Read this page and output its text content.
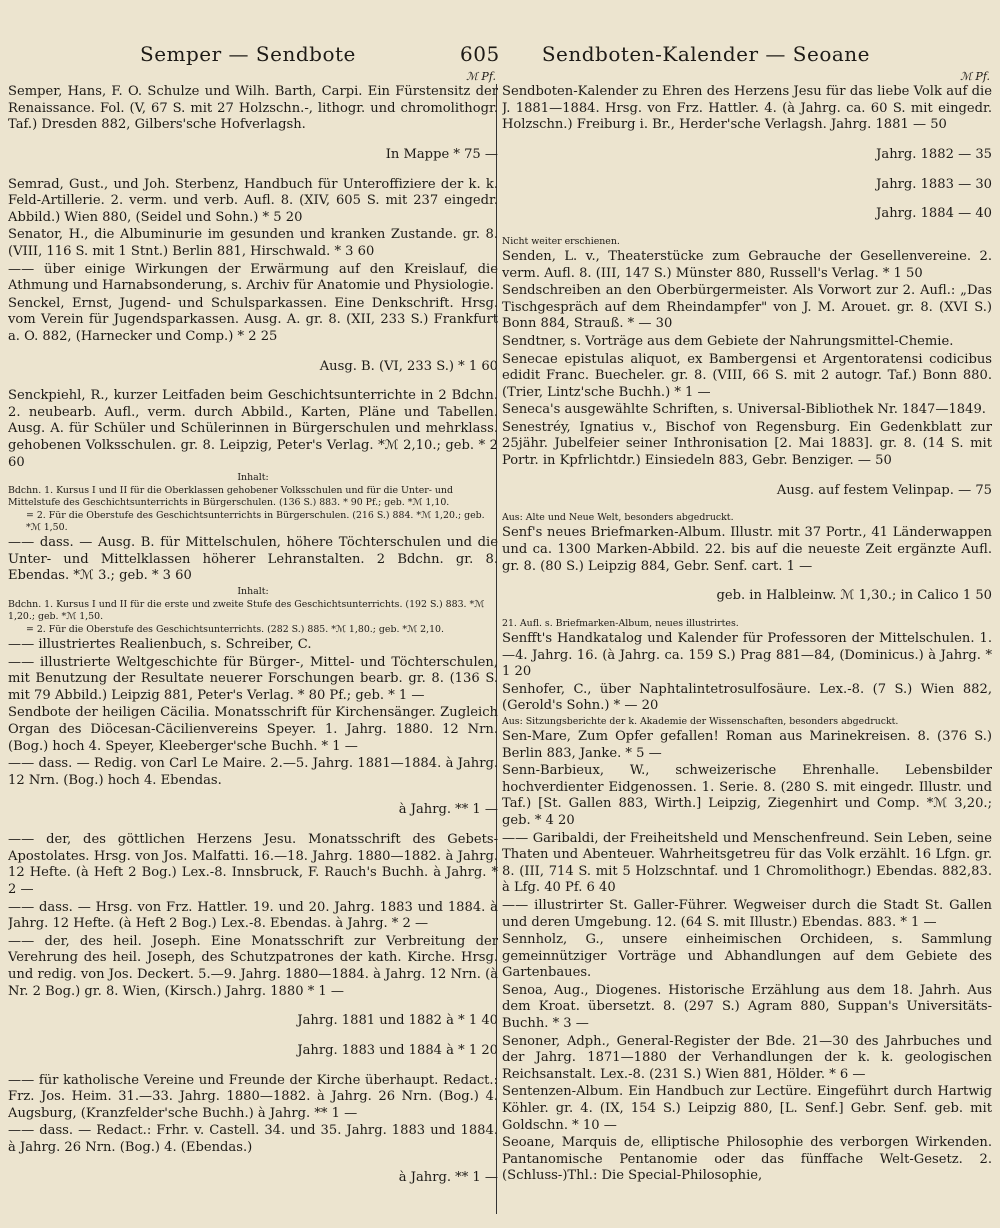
Semper — Sendbote	605 Sendboten-Kalender — Seoane
ℳ Pf.

Semper, Hans, F. O. Schulze und Wilh. Barth, Carpi. Ein Fürstensitz der Renaissance. Fol. (V, 67 S. mit 27 Holzschn.-, lithogr. und chromolithogr. Taf.) Dresden 882, Gilbers'sche Hofverlagsh.

In Mappe * 75 —

Semrad, Gust., und Joh. Sterbenz, Handbuch für Unteroffiziere der k. k. Feld-Artillerie. 2. verm. und verb. Aufl. 8. (XIV, 605 S. mit 237 eingedr. Abbild.) Wien 880, (Seidel und Sohn.) * 5 20

Senator, H., die Albuminurie im gesunden und kranken Zustande. gr. 8. (VIII, 116 S. mit 1 Stnt.) Berlin 881, Hirschwald. * 3 60

—— über einige Wirkungen der Erwärmung auf den Kreislauf, die Athmung und Harnabsonderung, s. Archiv für Anatomie und Physiologie.

Senckel, Ernst, Jugend- und Schulsparkassen. Eine Denkschrift. Hrsg. vom Verein für Jugendsparkassen. Ausg. A. gr. 8. (XII, 233 S.) Frankfurt a. O. 882, (Harnecker und Comp.) * 2 25

Ausg. B. (VI, 233 S.) * 1 60

Senckpiehl, R., kurzer Leitfaden beim Geschichtsunterrichte in 2 Bdchn. 2. neubearb. Aufl., verm. durch Abbild., Karten, Pläne und Tabellen. Ausg. A. für Schüler und Schülerinnen in Bürgerschulen und mehrklass. gehobenen Volksschulen. gr. 8. Leipzig, Peter's Verlag. *ℳ 2,10.; geb. * 2 60

Inhalt:

Bdchn. 1. Kursus I und II für die Oberklassen gehobener Volksschulen und für die Unter- und Mittelstufe des Geschichtsunterrichts in Bürgerschulen. (136 S.) 883. * 90 Pf.; geb. *ℳ 1,10.

= 2. Für die Oberstufe des Geschichtsunterrichts in Bürgerschulen. (216 S.) 884. *ℳ 1,20.; geb. *ℳ 1,50.

—— dass. — Ausg. B. für Mittelschulen, höhere Töchterschulen und die Unter- und Mittelklassen höherer Lehranstalten. 2 Bdchn. gr. 8. Ebendas. *ℳ 3.; geb. * 3 60

Inhalt:

Bdchn. 1. Kursus I und II für die erste und zweite Stufe des Geschichtsunterrichts. (192 S.) 883. *ℳ 1,20.; geb. *ℳ 1,50.

= 2. Für die Oberstufe des Geschichtsunterrichts. (282 S.) 885. *ℳ 1,80.; geb. *ℳ 2,10.

—— illustriertes Realienbuch, s. Schreiber, C.

—— illustrierte Weltgeschichte für Bürger-, Mittel- und Töchterschulen, mit Benutzung der Resultate neuerer Forschungen bearb. gr. 8. (136 S. mit 79 Abbild.) Leipzig 881, Peter's Verlag. * 80 Pf.; geb. * 1 —

Sendbote der heiligen Cäcilia. Monatsschrift für Kirchensänger. Zugleich Organ des Diöcesan-Cäcilienvereins Speyer. 1. Jahrg. 1880. 12 Nrn. (Bog.) hoch 4. Speyer, Kleeberger'sche Buchh. * 1 —

—— dass. — Redig. von Carl Le Maire. 2.—5. Jahrg. 1881—1884. à Jahrg. 12 Nrn. (Bog.) hoch 4. Ebendas.

à Jahrg. ** 1 —

—— der, des göttlichen Herzens Jesu. Monatsschrift des Gebets-Apostolates. Hrsg. von Jos. Malfatti. 16.—18. Jahrg. 1880—1882. à Jahrg. 12 Hefte. (à Heft 2 Bog.) Lex.-8. Innsbruck, F. Rauch's Buchh. à Jahrg. * 2 —

—— dass. — Hrsg. von Frz. Hattler. 19. und 20. Jahrg. 1883 und 1884. à Jahrg. 12 Hefte. (à Heft 2 Bog.) Lex.-8. Ebendas. à Jahrg. * 2 —

—— der, des heil. Joseph. Eine Monatsschrift zur Verbreitung der Verehrung des heil. Joseph, des Schutzpatrones der kath. Kirche. Hrsg. und redig. von Jos. Deckert. 5.—9. Jahrg. 1880—1884. à Jahrg. 12 Nrn. (à Nr. 2 Bog.) gr. 8. Wien, (Kirsch.) Jahrg. 1880 * 1 —

Jahrg. 1881 und 1882 à * 1 40

Jahrg. 1883 und 1884 à * 1 20

—— für katholische Vereine und Freunde der Kirche überhaupt. Redact.: Frz. Jos. Heim. 31.—33. Jahrg. 1880—1882. à Jahrg. 26 Nrn. (Bog.) 4. Augsburg, (Kranzfelder'sche Buchh.) à Jahrg. ** 1 —

—— dass. — Redact.: Frhr. v. Castell. 34. und 35. Jahrg. 1883 und 1884. à Jahrg. 26 Nrn. (Bog.) 4. (Ebendas.)

à Jahrg. ** 1 —

ℳ Pf.

Sendboten-Kalender zu Ehren des Herzens Jesu für das liebe Volk auf die J. 1881—1884. Hrsg. von Frz. Hattler. 4. (à Jahrg. ca. 60 S. mit eingedr. Holzschn.) Freiburg i. Br., Herder'sche Verlagsh. Jahrg. 1881 — 50

Jahrg. 1882 — 35

Jahrg. 1883 — 30

Jahrg. 1884 — 40

Nicht weiter erschienen.

Senden, L. v., Theaterstücke zum Gebrauche der Gesellenvereine. 2. verm. Aufl. 8. (III, 147 S.) Münster 880, Russell's Verlag. * 1 50

Sendschreiben an den Oberbürgermeister. Als Vorwort zur 2. Aufl.: „Das Tischgespräch auf dem Rheindampfer" von J. M. Arouet. gr. 8. (XVI S.) Bonn 884, Strauß. * — 30

Sendtner, s. Vorträge aus dem Gebiete der Nahrungsmittel-Chemie.

Senecae epistulas aliquot, ex Bambergensi et Argentoratensi codicibus edidit Franc. Buecheler. gr. 8. (VIII, 66 S. mit 2 autogr. Taf.) Bonn 880. (Trier, Lintz'sche Buchh.) * 1 —

Seneca's ausgewählte Schriften, s. Universal-Bibliothek Nr. 1847—1849.

Senestréy, Ignatius v., Bischof von Regensburg. Ein Gedenkblatt zur 25jähr. Jubelfeier seiner Inthronisation [2. Mai 1883]. gr. 8. (14 S. mit Portr. in Kpfrlichtdr.) Einsiedeln 883, Gebr. Benziger. — 50

Ausg. auf festem Velinpap. — 75

Aus: Alte und Neue Welt, besonders abgedruckt.

Senf's neues Briefmarken-Album. Illustr. mit 37 Portr., 41 Länderwappen und ca. 1300 Marken-Abbild. 22. bis auf die neueste Zeit ergänzte Aufl. gr. 8. (80 S.) Leipzig 884, Gebr. Senf. cart. 1 —

geb. in Halbleinw. ℳ 1,30.; in Calico 1 50

21. Aufl. s. Briefmarken-Album, neues illustrirtes.

Senfft's Handkatalog und Kalender für Professoren der Mittelschulen. 1.—4. Jahrg. 16. (à Jahrg. ca. 159 S.) Prag 881—84, (Dominicus.) à Jahrg. * 1 20

Senhofer, C., über Naphtalintetrosulfosäure. Lex.-8. (7 S.) Wien 882, (Gerold's Sohn.) * — 20

Aus: Sitzungsberichte der k. Akademie der Wissenschaften, besonders abgedruckt.

Sen-Mare, Zum Opfer gefallen! Roman aus Marinekreisen. 8. (376 S.) Berlin 883, Janke. * 5 —

Senn-Barbieux, W., schweizerische Ehrenhalle. Lebensbilder hochverdienter Eidgenossen. 1. Serie. 8. (280 S. mit eingedr. Illustr. und Taf.) [St. Gallen 883, Wirth.] Leipzig, Ziegenhirt und Comp. *ℳ 3,20.; geb. * 4 20

—— Garibaldi, der Freiheitsheld und Menschenfreund. Sein Leben, seine Thaten und Abenteuer. Wahrheitsgetreu für das Volk erzählt. 16 Lfgn. gr. 8. (III, 714 S. mit 5 Holzschntaf. und 1 Chromolithogr.) Ebendas. 882,83. à Lfg. 40 Pf. 6 40

—— illustrirter St. Galler-Führer. Wegweiser durch die Stadt St. Gallen und deren Umgebung. 12. (64 S. mit Illustr.) Ebendas. 883. * 1 —

Sennholz, G., unsere einheimischen Orchideen, s. Sammlung gemeinnütziger Vorträge und Abhandlungen auf dem Gebiete des Gartenbaues.

Senoa, Aug., Diogenes. Historische Erzählung aus dem 18. Jahrh. Aus dem Kroat. übersetzt. 8. (297 S.) Agram 880, Suppan's Universitäts-Buchh. * 3 —

Senoner, Adph., General-Register der Bde. 21—30 des Jahrbuches und der Jahrg. 1871—1880 der Verhandlungen der k. k. geologischen Reichsanstalt. Lex.-8. (231 S.) Wien 881, Hölder. * 6 —

Sentenzen-Album. Ein Handbuch zur Lectüre. Eingeführt durch Hartwig Köhler. gr. 4. (IX, 154 S.) Leipzig 880, [L. Senf.] Gebr. Senf. geb. mit Goldschn. * 10 —

Seoane, Marquis de, elliptische Philosophie des verborgen Wirkenden. Pantanomische Pentanomie oder das fünffache Welt-Gesetz. 2. (Schluss-)Thl.: Die Special-Philosophie,
